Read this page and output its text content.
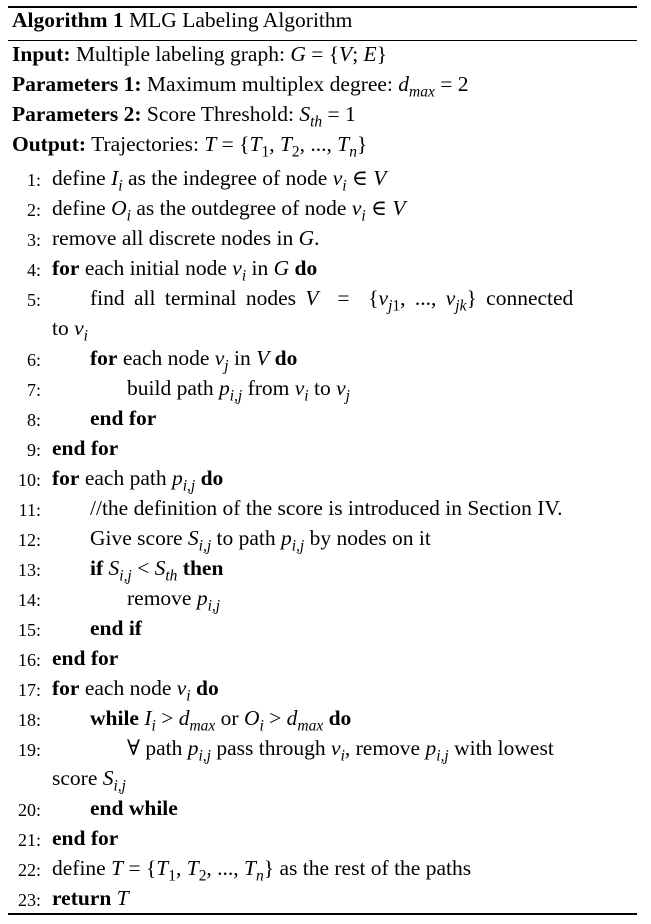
Algorithm 1 MLG Labeling Algorithm
Input: Multiple labeling graph: G = {V; E}
Parameters 1: Maximum multiplex degree: $d_{max} = 2$
Parameters 2: Score Threshold: $S_{th} = 1$
Output: Trajectories: $T = \{T_1$, $T_2$, ..., $T_n$}
1: define $I_i$ as the indegree of node $v_i$ ∈ V
2: define $O_i$ as the outdegree of node $v_i$ ∈ V
3: remove all discrete nodes in G.
4: for each initial node $v_i$ in G do
5: find all terminal nodes $V = \{v_{j1}$, ..., $v_{jk}$} connected
to $v_i$
6: for each node $v_j$ in V do
7:	build path $p_{i,j}$ from $v_i$ to $v_j$
8: end for
9: end for
10: for each path $p_{i,j}$ do
11: //the definition of the score is introduced in Section IV.
12: Give score $S_{i,j}$ to path $p_{i,j}$ by nodes on it
13: if $S_{i,j} < S_{th}$ then
14:	remove $p_{i,j}$
15: end if
16: end for
17: for each node $v_i$ do
18: while $I_i > d_{max}$ or $O_i > d_{max}$ do
19:	∀ path $p_{i,j}$ pass through $v_i$, remove $p_{i,j}$ with lowest
score $S_{i,j}$
20: end while
21: end for
22: define $T = \{T_1$, $T_2$, ..., $T_n$} as the rest of the paths
23: return T
